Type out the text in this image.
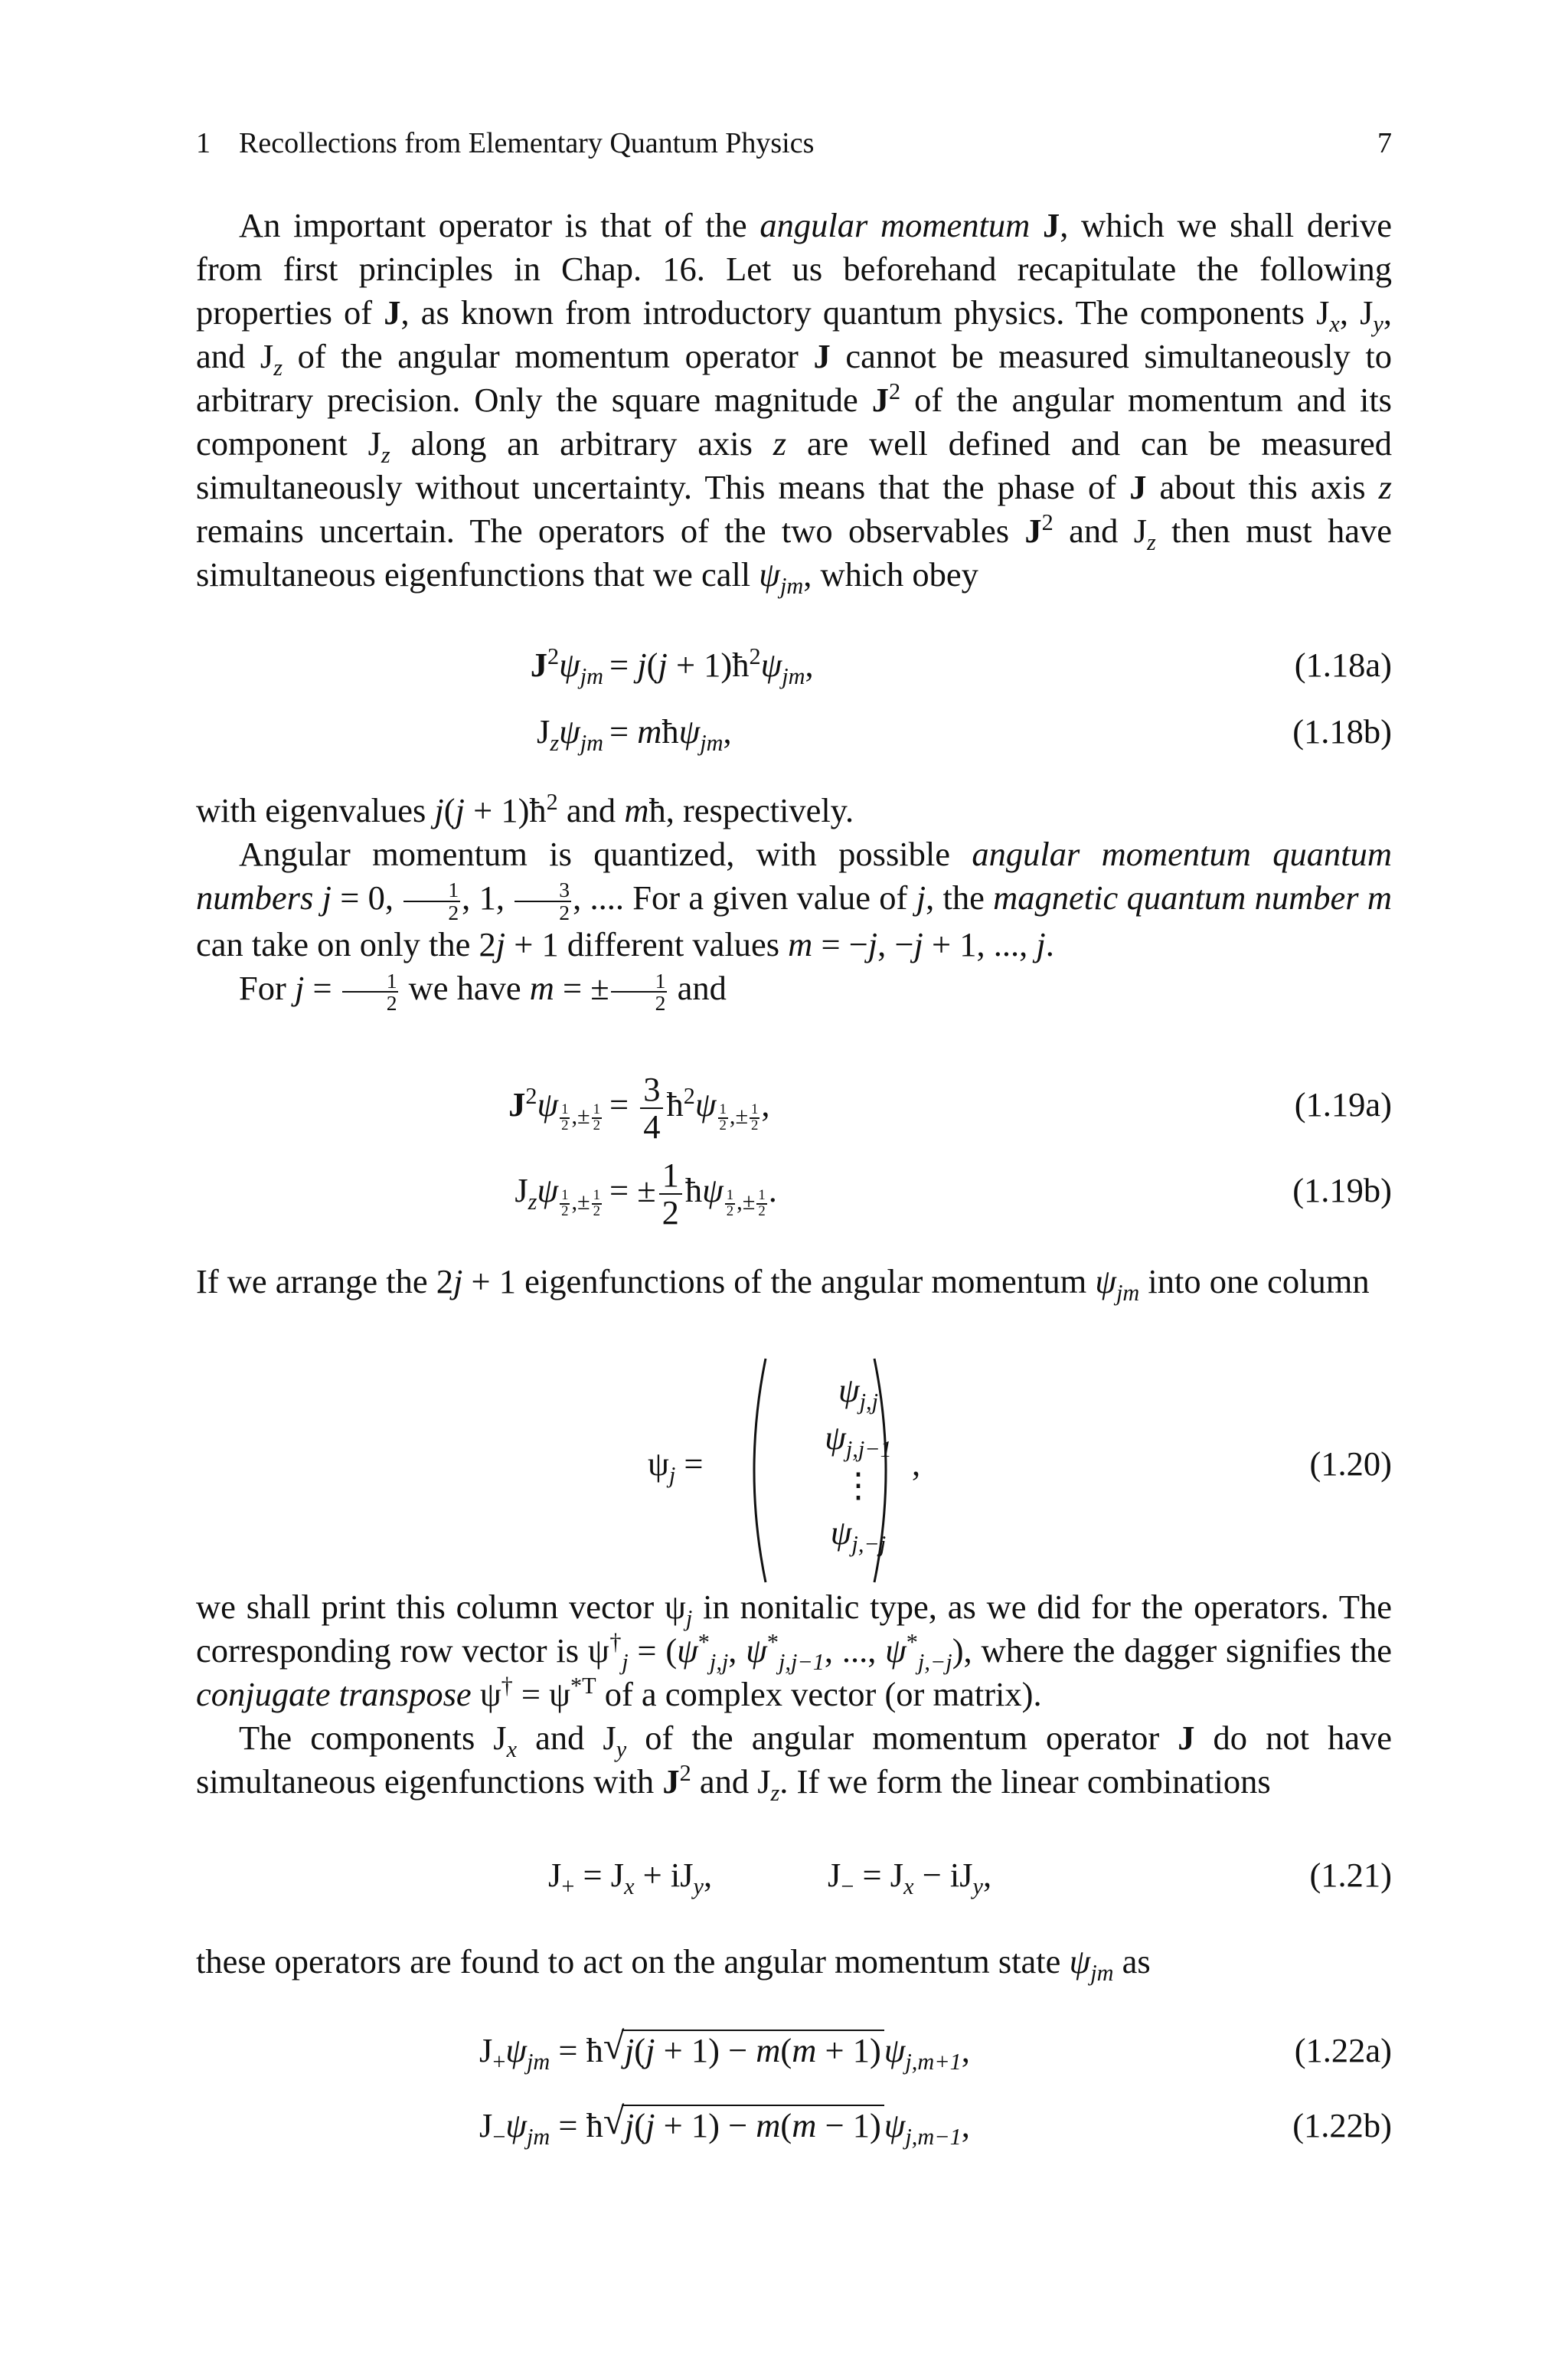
1 Recollections from Elementary Quantum Physics	7

An important operator is that of the angular momentum J, which we shall derive from first principles in Chap. 16. Let us beforehand recapitulate the following properties of J, as known from introductory quantum physics. The components $J_x$, $J_y$, and $J_z$ of the angular momentum operator J cannot be measured simultaneously to arbitrary precision. Only the square magnitude $J^2$ of the angular momentum and its component $J_z$ along an arbitrary axis z are well defined and can be measured simultaneously without uncertainty. This means that the phase of J about this axis z remains uncertain. The operators of the two observables $J^2$ and $J_z$ then must have simultaneous eigenfunctions that we call $\psi_{jm}$, which obey

$J^2\psi_{jm} = j(j$ + $1)ħ^2\psi_{jm}$,	(1.18a)
$J_z\psi_{jm}$ = mħψ$_{jm}$,	(1.18b)

with eigenvalues $j(j + 1)ħ^2$ and mħ, respectively.

Angular momentum is quantized, with possible angular momentum quantum numbers j = 0, $\frac{1}{2}$ , 1, $\frac{3}{2}$ , .... For a given value of j, the magnetic quantum number m can take on only the 2j + 1 different values m = −j, −j + 1, ..., j.

For $j = \frac{1}{2}$ we have m = ± $\frac{1}{2}$ and

$J^2\psi$ $_{\frac{1}{2} ,\pm \frac{1}{2}} = \frac{3}{4}$ $ħ^2\psi$ $_{\frac{1}{2} ,\pm \frac{1}{2}}$ ,	(1.19a)
$J_z\psi$ $_{\frac{1}{2} ,\pm \frac{1}{2}}$ = ± $\frac{1}{2}$ ħψ $_{\frac{1}{2} ,\pm \frac{1}{2}}$ .	(1.19b)

If we arrange the 2j + 1 eigenfunctions of the angular momentum $\psi_{jm}$ into one column

$\psi_j$ =
$\psi_{j,j}$
$\psi_{j,j-1}$
⋮
$\psi_{j,-j}$
,	(1.20)

we shall print this column vector $\psi_j$ in nonitalic type, as we did for the operators. The corresponding row vector is $\psi^\dagger_j = (\psi^*_{j,j}$, $\psi^*_{j,j-1}$, ..., $\psi^*_{j,-j}$), where the dagger signifies the conjugate transpose $\psi^\dagger = \psi^{*T}$ of a complex vector (or matrix).

The components $J_x$ and $J_y$ of the angular momentum operator J do not have simultaneous eigenfunctions with $J^2$ and $J_z$. If we form the linear combinations

$J_+ = J_x + iJ_y$,	$J_- = J_x - iJ_y$,	(1.21)

these operators are found to act on the angular momentum state $\psi_{jm}$ as

$J_+\psi_{jm}$ = ħ √ $j(j + 1) - m(m + 1)\psi_{j,m+1}$,	(1.22a)
$J_-\psi_{jm}$ = ħ √ $j(j + 1) - m(m - 1)\psi_{j,m-1}$,	(1.22b)
